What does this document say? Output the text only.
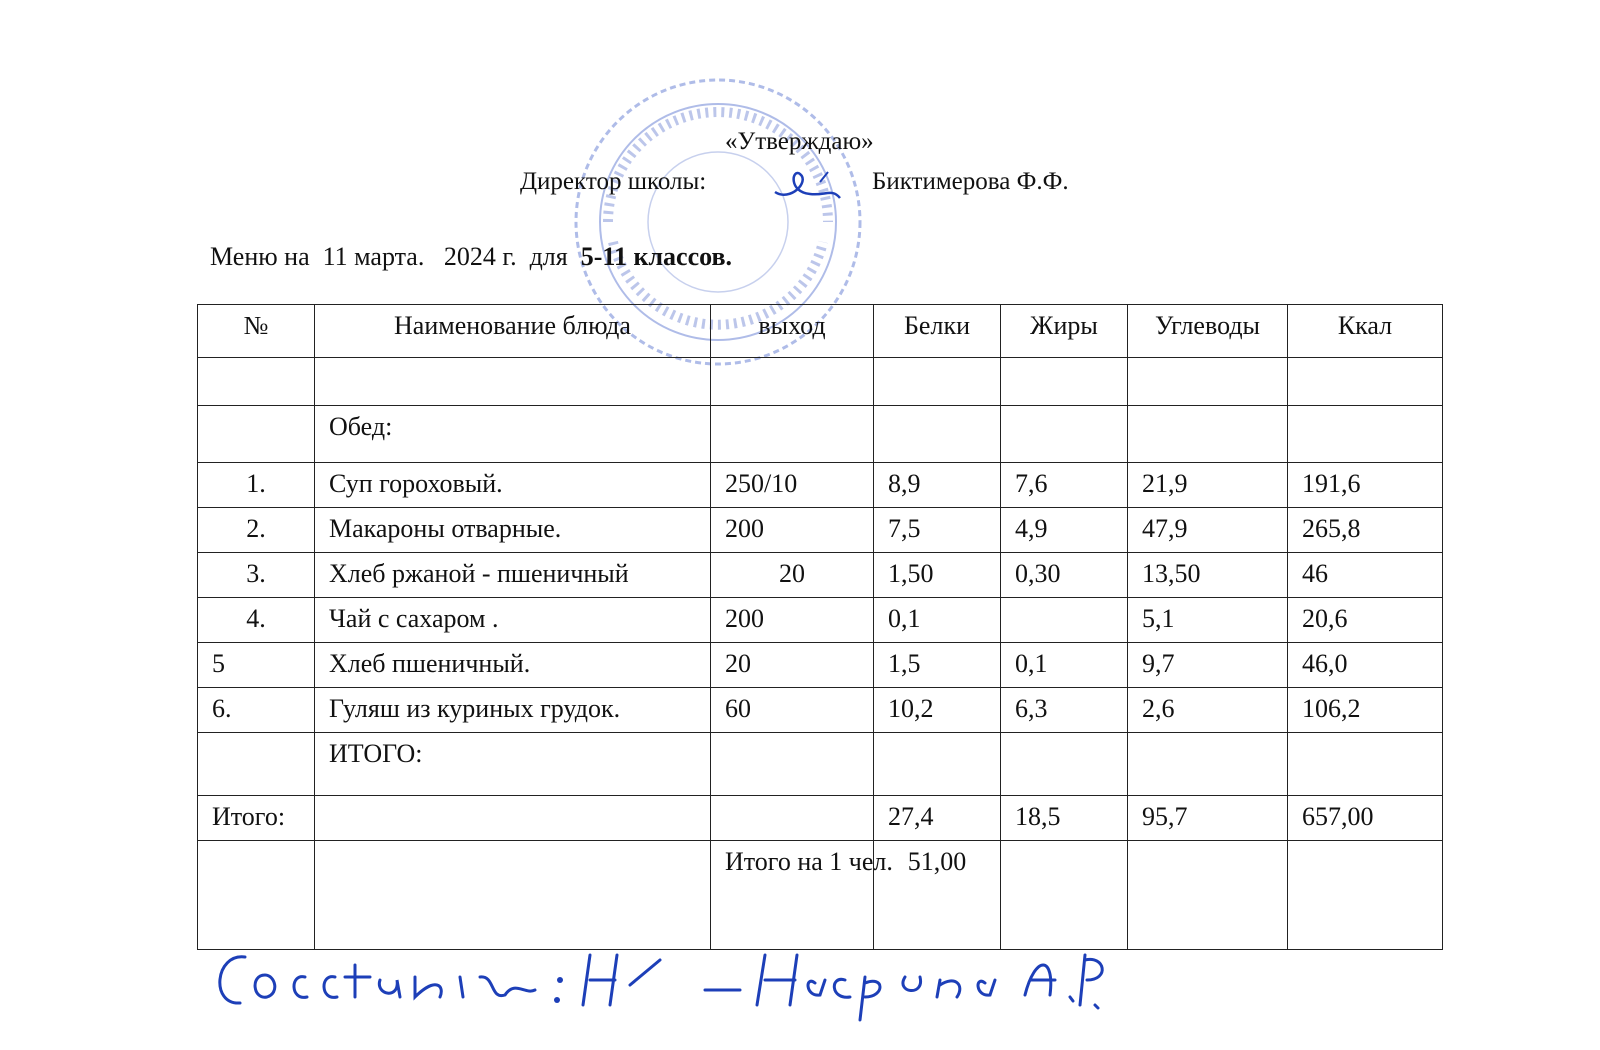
«Утверждаю»
Директор школы:	Биктимерова Ф.Ф.
Меню на  11 марта.   2024 г.  для 5-11 классов.
№	Наименование блюда	выход	Белки	Жиры	Углеводы	Ккал

	Обед:					
1.	Суп гороховый.	250/10	8,9	7,6	21,9	191,6
2.	Макароны отварные.	200	7,5	4,9	47,9	265,8
3.	Хлеб ржаной - пшеничный	20	1,50	0,30	13,50	46
4.	Чай с сахаром .	200	0,1		5,1	20,6
5	Хлеб пшеничный.	20	1,5	0,1	9,7	46,0
6.	Гуляш из куриных грудок.	60	10,2	6,3	2,6	106,2
	ИТОГО:					
Итого:			27,4	18,5	95,7	657,00
		Итого на 1 чел.	51,00			
